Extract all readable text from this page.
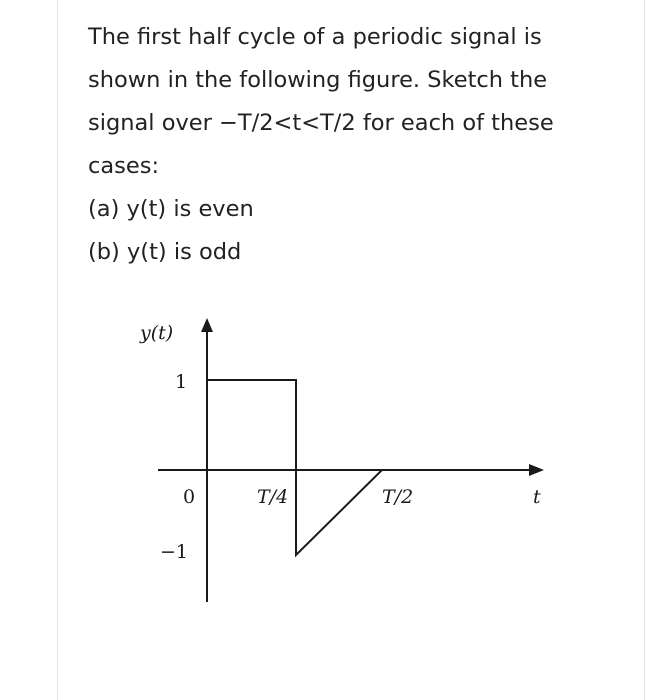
The first half cycle of a periodic signal is

shown in the following figure. Sketch the

signal over −T/2<t<T/2 for each of these

cases:

(a) y(t) is even

(b) y(t) is odd

y(t)
1
0	T/4	T/2	t
−1
